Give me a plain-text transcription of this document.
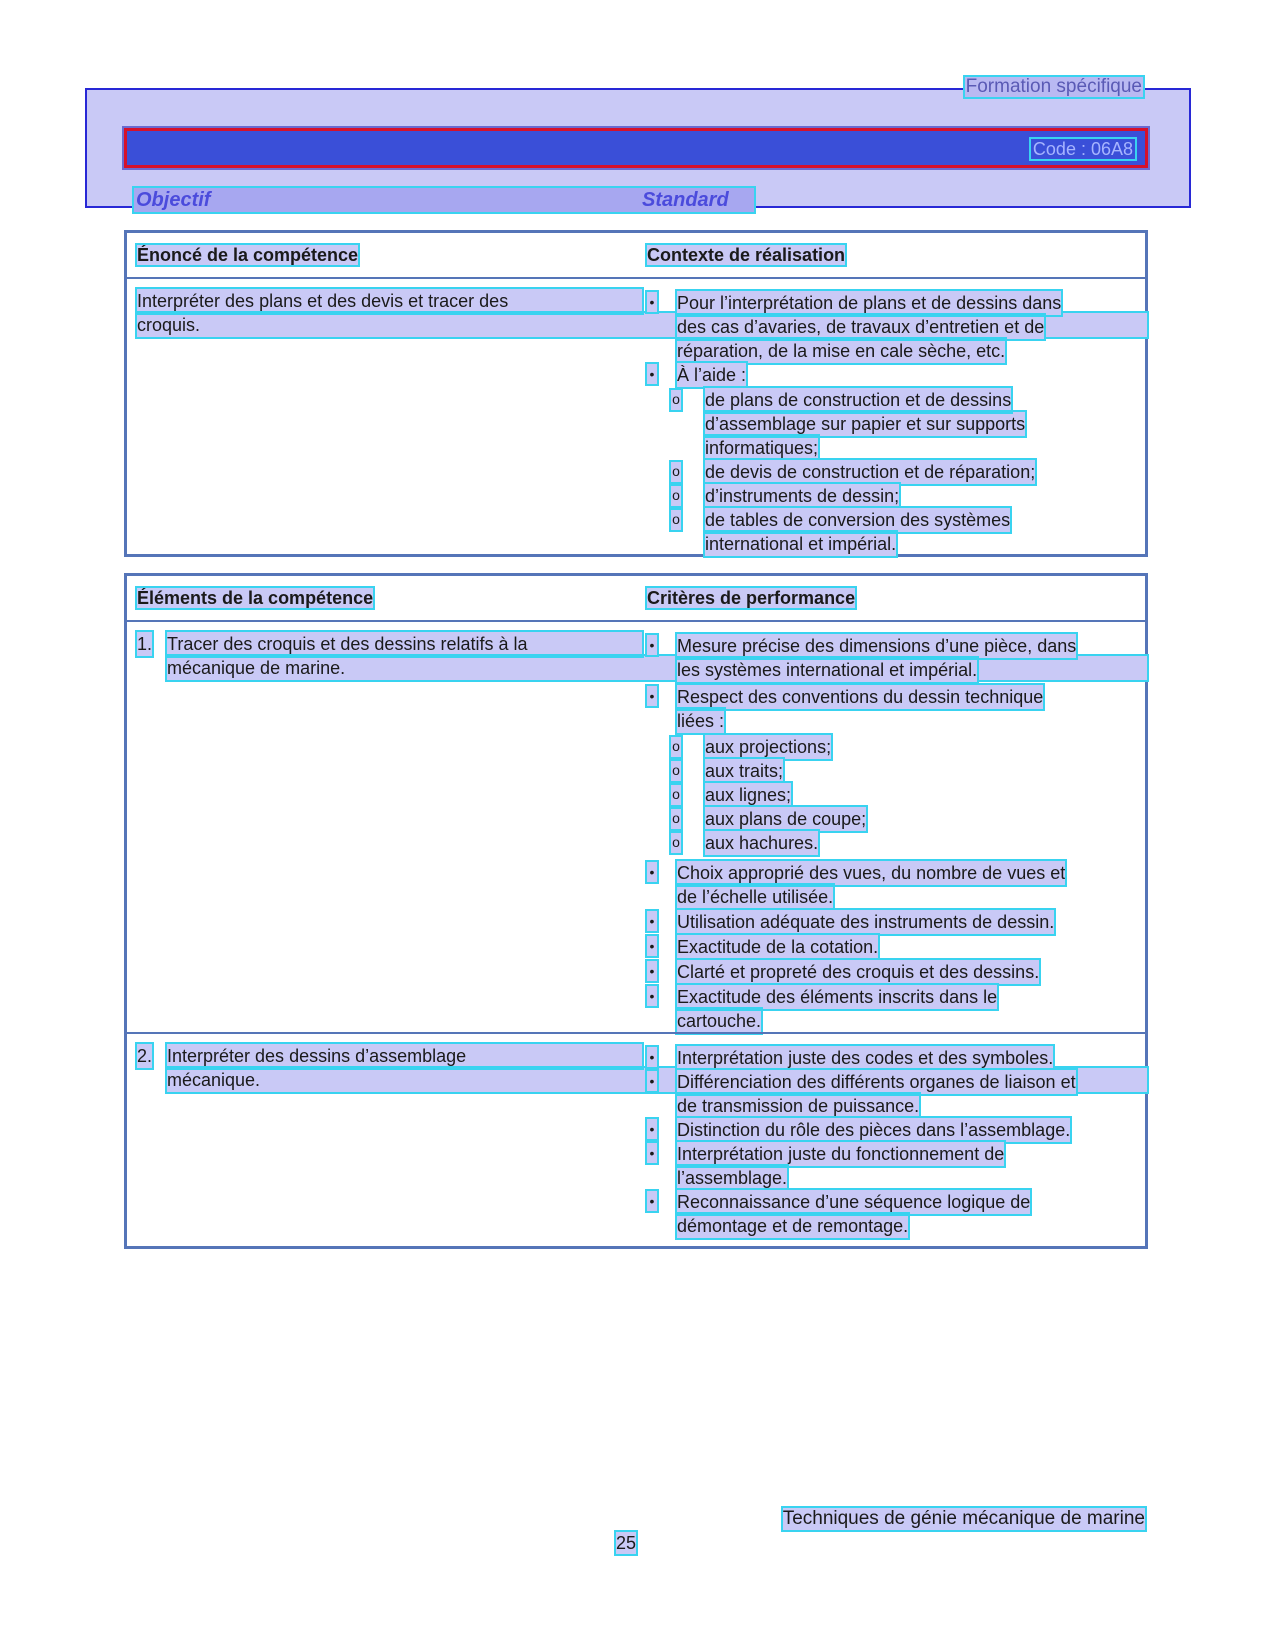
Formation spécifique
Code : 06A8
Objectif	Standard
Énoncé de la compétence	Contexte de réalisation
Interpréter des plans et des devis et tracer des
croquis.
• Pour l’interprétation de plans et de dessins dans
des cas d’avaries, de travaux d’entretien et de
réparation, de la mise en cale sèche, etc.
• À l’aide :
o de plans de construction et de dessins
d’assemblage sur papier et sur supports
informatiques;
o de devis de construction et de réparation;
o d’instruments de dessin;
o de tables de conversion des systèmes
international et impérial.
Éléments de la compétence	Critères de performance
1. Tracer des croquis et des dessins relatifs à la
mécanique de marine.
• Mesure précise des dimensions d’une pièce, dans
les systèmes international et impérial.
• Respect des conventions du dessin technique
liées :
o aux projections;
o aux traits;
o aux lignes;
o aux plans de coupe;
o aux hachures.
• Choix approprié des vues, du nombre de vues et
de l’échelle utilisée.
• Utilisation adéquate des instruments de dessin.
• Exactitude de la cotation.
• Clarté et propreté des croquis et des dessins.
• Exactitude des éléments inscrits dans le
cartouche.
2. Interpréter des dessins d’assemblage
mécanique.
• Interprétation juste des codes et des symboles.
• Différenciation des différents organes de liaison et
de transmission de puissance.
• Distinction du rôle des pièces dans l’assemblage.
• Interprétation juste du fonctionnement de
l’assemblage.
• Reconnaissance d’une séquence logique de
démontage et de remontage.
Techniques de génie mécanique de marine
25
